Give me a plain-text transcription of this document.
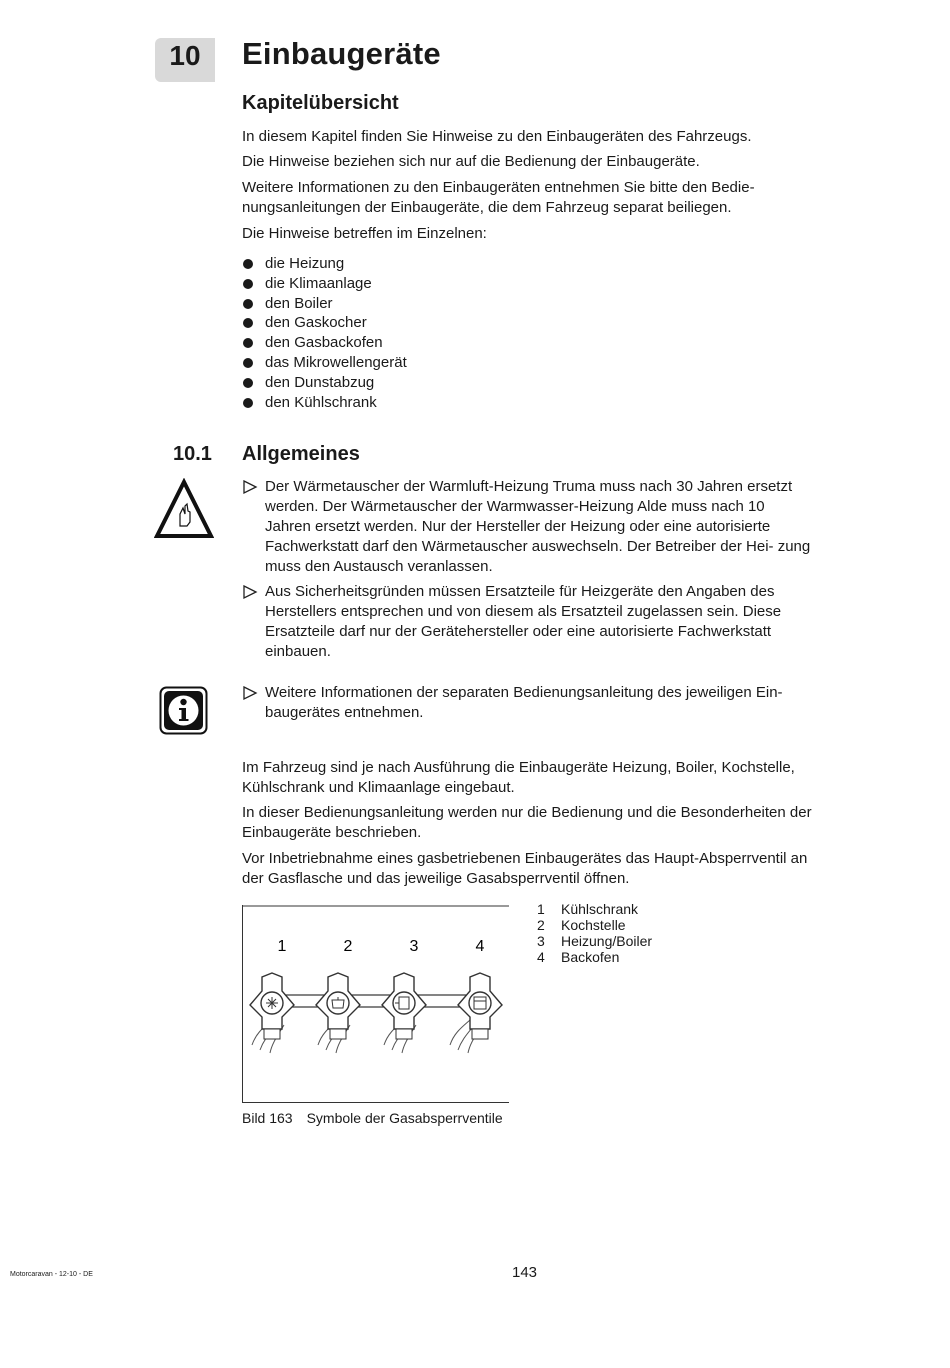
10	Einbaugeräte
Kapitelübersicht
In diesem Kapitel finden Sie Hinweise zu den Einbaugeräten des Fahrzeugs.
Die Hinweise beziehen sich nur auf die Bedienung der Einbaugeräte.
Weitere Informationen zu den Einbaugeräten entnehmen Sie bitte den Bedie- nungsanleitungen der Einbaugeräte, die dem Fahrzeug separat beiliegen.
Die Hinweise betreffen im Einzelnen:
die Heizung
die Klimaanlage
den Boiler
den Gaskocher
den Gasbackofen
das Mikrowellengerät
den Dunstabzug
den Kühlschrank
10.1 Allgemeines
Der Wärmetauscher der Warmluft-Heizung Truma muss nach 30 Jahren ersetzt werden. Der Wärmetauscher der Warmwasser-Heizung Alde muss nach 10 Jahren ersetzt werden. Nur der Hersteller der Heizung oder eine autorisierte Fachwerkstatt darf den Wärmetauscher auswechseln. Der Betreiber der Hei- zung muss den Austausch veranlassen.
Aus Sicherheitsgründen müssen Ersatzteile für Heizgeräte den Angaben des Herstellers entsprechen und von diesem als Ersatzteil zugelassen sein. Diese Ersatzteile darf nur der Gerätehersteller oder eine autorisierte Fachwerkstatt einbauen.
Weitere Informationen der separaten Bedienungsanleitung des jeweiligen Ein- baugerätes entnehmen.
Im Fahrzeug sind je nach Ausführung die Einbaugeräte Heizung, Boiler, Kochstelle, Kühlschrank und Klimaanlage eingebaut.
In dieser Bedienungsanleitung werden nur die Bedienung und die Besonderheiten der Einbaugeräte beschrieben.
Vor Inbetriebnahme eines gasbetriebenen Einbaugerätes das Haupt-Absperrventil an der Gasflasche und das jeweilige Gasabsperrventil öffnen.
1	2	3	4
1 Kühlschrank
2 Kochstelle
3 Heizung/Boiler
4 Backofen
Bild 163 Symbole der Gasabsperrventile
Motorcaravan - 12-10 - DE	143
